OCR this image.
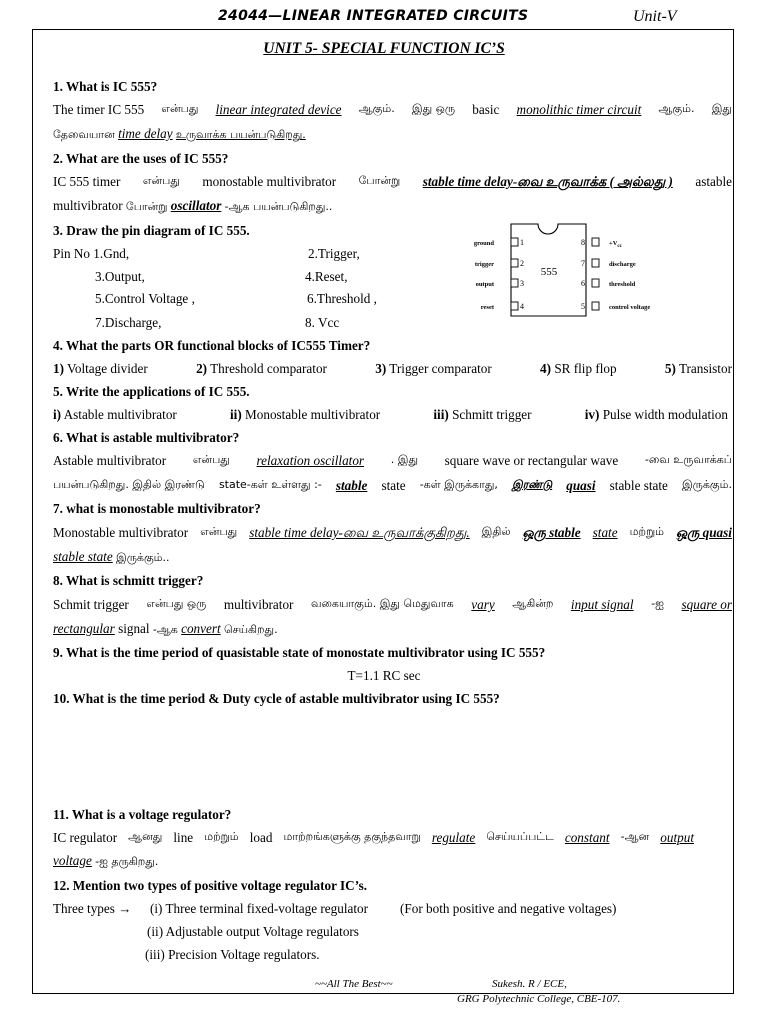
24044—LINEAR INTEGRATED CIRCUITS	Unit-V
UNIT 5- SPECIAL FUNCTION IC’S
1. What is IC 555?
The timer IC 555 என்பது linear integrated device ஆகும். இது ஒரு basic monolithic timer circuit ஆகும். இது
தேவையான time delay உருவாக்க பயன்படுகிறது.
2. What are the uses of IC 555?
IC 555 timer என்பது monostable multivibrator போன்று stable time delay-வை உருவாக்க ( அல்லது ) astable
multivibrator போன்று oscillator -ஆக பயன்படுகிறது..
3. Draw the pin diagram of IC 555.
Pin No 1.Gnd,	2.Trigger,
3.Output,	4.Reset,
5.Control Voltage ,	6.Threshold ,
7.Discharge,	8. Vcc
555
1
ground
2
trigger
3
output
4
reset
8	$+V_{cc}$
7	discharge
6	threshold
5	control voltage
4. What the parts OR functional blocks of IC555 Timer?
1) Voltage divider	2) Threshold comparator	3) Trigger comparator	4) SR flip flop	5) Transistor
5. Write the applications of IC 555.
i) Astable multivibrator	ii) Monostable multivibrator	iii) Schmitt trigger	iv) Pulse width modulation
6. What is astable multivibrator?
Astable multivibrator என்பது relaxation oscillator . இது square wave or rectangular wave -வை உருவாக்கப்
பயன்படுகிறது. இதில் இரண்டு state-கள் உள்ளது :- stable state -கள் இருக்காது, இரண்டு quasi stable state இருக்கும்.
7. what is monostable multivibrator?
Monostable multivibrator என்பது stable time delay-வை உருவாக்குகிறது. இதில் ஒரு stable state மற்றும் ஒரு quasi
stable state இருக்கும்..
8. What is schmitt trigger?
Schmit trigger என்பது ஒரு multivibrator வகையாகும். இது மெதுவாக vary ஆகின்ற input signal -ஐ square or
rectangular signal -ஆக convert செய்கிறது.
9. What is the time period of quasistable state of monostate multivibrator using IC 555?
T=1.1 RC sec
10. What is the time period & Duty cycle of astable multivibrator using IC 555?
11. What is a voltage regulator?
IC regulator ஆனது line மற்றும் load மாற்றங்களுக்கு தகுந்தவாறு regulate செய்யப்பட்ட constant -ஆன output
voltage -ஐ தருகிறது.
12. Mention two types of positive voltage regulator IC’s.
Three types → (i) Three terminal fixed-voltage regulator (For both positive and negative voltages)
(ii) Adjustable output Voltage regulators
(iii) Precision Voltage regulators.
~~All The Best~~	Sukesh. R / ECE,
GRG Polytechnic College, CBE-107.
